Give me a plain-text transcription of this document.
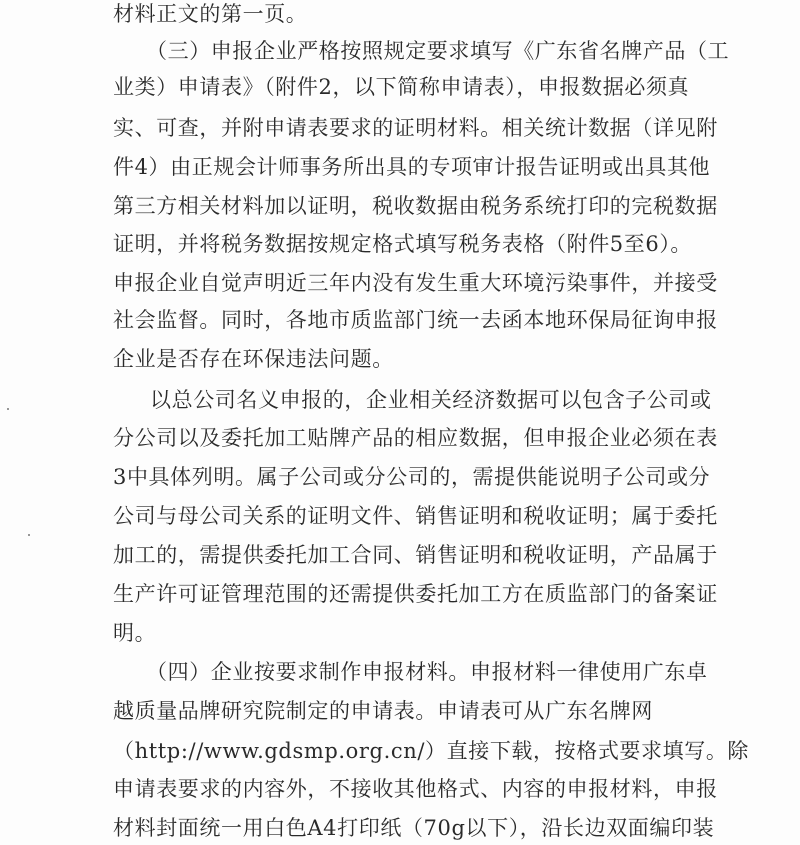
材料正文的第一页。
（三）申报企业严格按照规定要求填写《广东省名牌产品（工
业类）申请表》（附件2，以下简称申请表），申报数据必须真
实、可查，并附申请表要求的证明材料。相关统计数据（详见附
件4）由正规会计师事务所出具的专项审计报告证明或出具其他
第三方相关材料加以证明，税收数据由税务系统打印的完税数据
证明，并将税务数据按规定格式填写税务表格（附件5至6）。
申报企业自觉声明近三年内没有发生重大环境污染事件，并接受
社会监督。同时，各地市质监部门统一去函本地环保局征询申报
企业是否存在环保违法问题。
以总公司名义申报的，企业相关经济数据可以包含子公司或
分公司以及委托加工贴牌产品的相应数据，但申报企业必须在表
3中具体列明。属子公司或分公司的，需提供能说明子公司或分
公司与母公司关系的证明文件、销售证明和税收证明；属于委托
加工的，需提供委托加工合同、销售证明和税收证明，产品属于
生产许可证管理范围的还需提供委托加工方在质监部门的备案证
明。
（四）企业按要求制作申报材料。申报材料一律使用广东卓
越质量品牌研究院制定的申请表。申请表可从广东名牌网
（http://www.gdsmp.org.cn/）直接下载，按格式要求填写。除
申请表要求的内容外，不接收其他格式、内容的申报材料，申报
材料封面统一用白色A4打印纸（70g以下），沿长边双面编印装
